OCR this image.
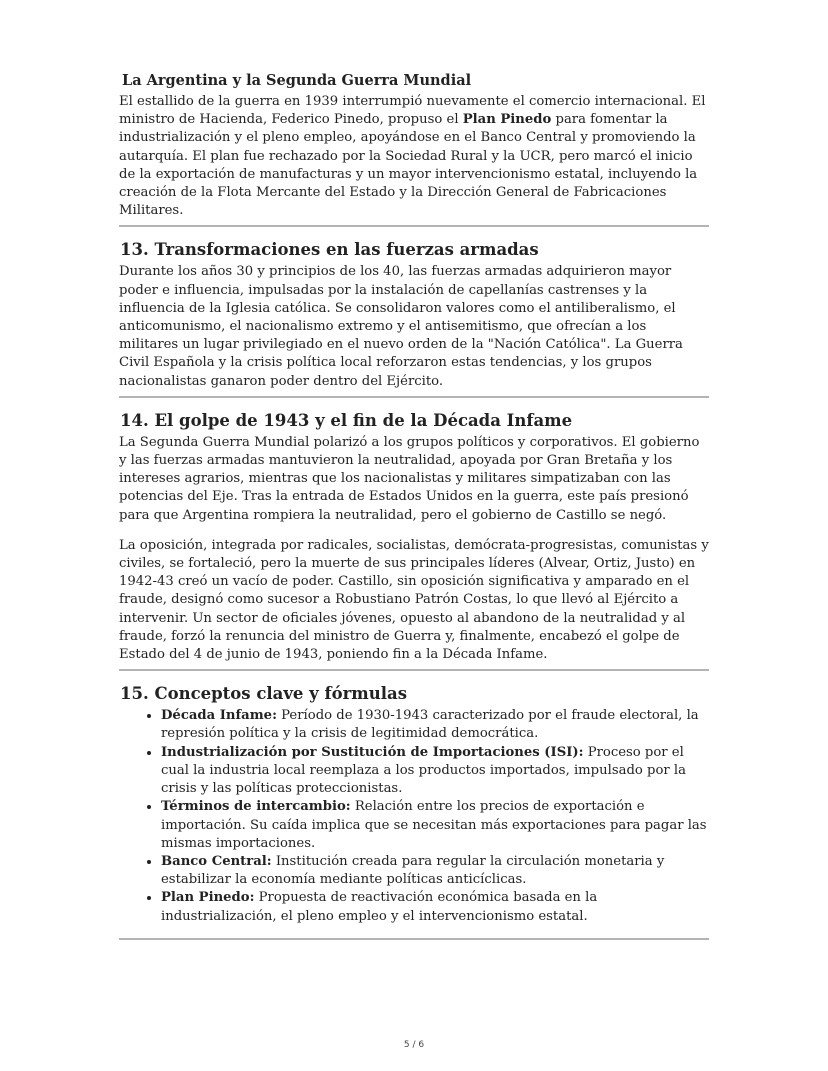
La Argentina y la Segunda Guerra Mundial

El estallido de la guerra en 1939 interrumpió nuevamente el comercio internacional. El ministro de Hacienda, Federico Pinedo, propuso el Plan Pinedo para fomentar la industrialización y el pleno empleo, apoyándose en el Banco Central y promoviendo la autarquía. El plan fue rechazado por la Sociedad Rural y la UCR, pero marcó el inicio de la exportación de manufacturas y un mayor intervencionismo estatal, incluyendo la creación de la Flota Mercante del Estado y la Dirección General de Fabricaciones Militares.

13. Transformaciones en las fuerzas armadas

Durante los años 30 y principios de los 40, las fuerzas armadas adquirieron mayor poder e influencia, impulsadas por la instalación de capellanías castrenses y la influencia de la Iglesia católica. Se consolidaron valores como el antiliberalismo, el anticomunismo, el nacionalismo extremo y el antisemitismo, que ofrecían a los militares un lugar privilegiado en el nuevo orden de la "Nación Católica". La Guerra Civil Española y la crisis política local reforzaron estas tendencias, y los grupos nacionalistas ganaron poder dentro del Ejército.

14. El golpe de 1943 y el fin de la Década Infame

La Segunda Guerra Mundial polarizó a los grupos políticos y corporativos. El gobierno y las fuerzas armadas mantuvieron la neutralidad, apoyada por Gran Bretaña y los intereses agrarios, mientras que los nacionalistas y militares simpatizaban con las potencias del Eje. Tras la entrada de Estados Unidos en la guerra, este país presionó para que Argentina rompiera la neutralidad, pero el gobierno de Castillo se negó.

La oposición, integrada por radicales, socialistas, demócrata-progresistas, comunistas y civiles, se fortaleció, pero la muerte de sus principales líderes (Alvear, Ortiz, Justo) en 1942-43 creó un vacío de poder. Castillo, sin oposición significativa y amparado en el fraude, designó como sucesor a Robustiano Patrón Costas, lo que llevó al Ejército a intervenir. Un sector de oficiales jóvenes, opuesto al abandono de la neutralidad y al fraude, forzó la renuncia del ministro de Guerra y, finalmente, encabezó el golpe de Estado del 4 de junio de 1943, poniendo fin a la Década Infame.

15. Conceptos clave y fórmulas
• Década Infame: Período de 1930-1943 caracterizado por el fraude electoral, la represión política y la crisis de legitimidad democrática.
• Industrialización por Sustitución de Importaciones (ISI): Proceso por el cual la industria local reemplaza a los productos importados, impulsado por la crisis y las políticas proteccionistas.
• Términos de intercambio: Relación entre los precios de exportación e importación. Su caída implica que se necesitan más exportaciones para pagar las mismas importaciones.
• Banco Central: Institución creada para regular la circulación monetaria y estabilizar la economía mediante políticas anticíclicas.
• Plan Pinedo: Propuesta de reactivación económica basada en la industrialización, el pleno empleo y el intervencionismo estatal.
5 / 6
